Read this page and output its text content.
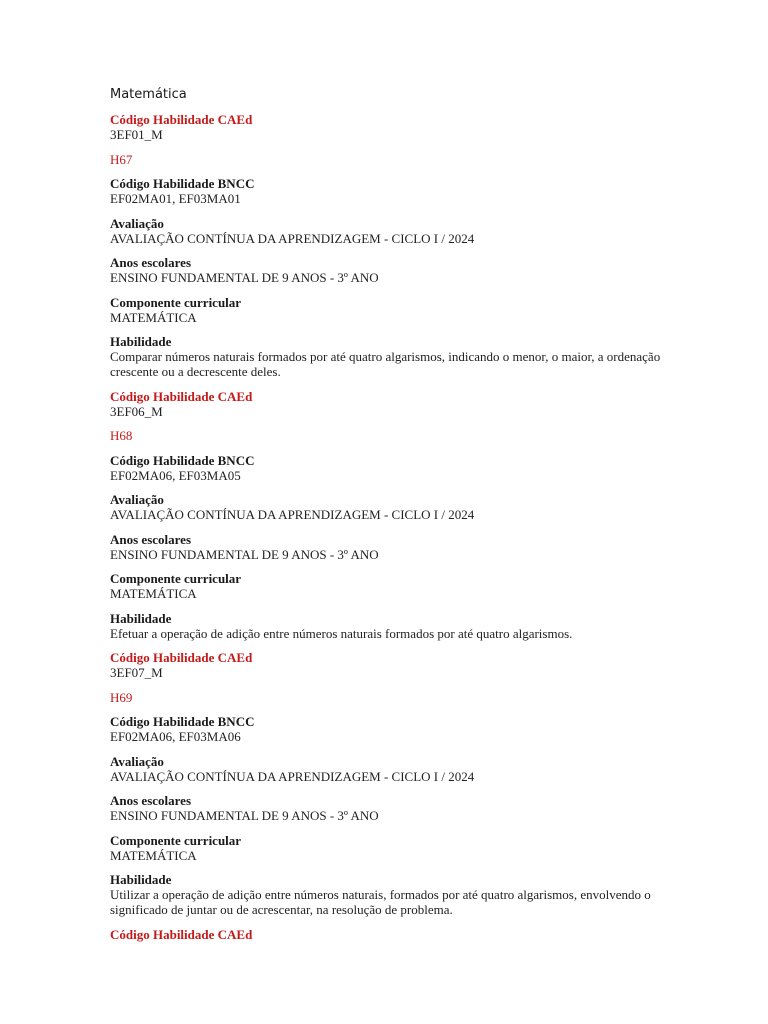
Matemática
Código Habilidade CAEd
3EF01_M
H67
Código Habilidade BNCC
EF02MA01, EF03MA01
Avaliação
AVALIAÇÃO CONTÍNUA DA APRENDIZAGEM - CICLO I / 2024
Anos escolares
ENSINO FUNDAMENTAL DE 9 ANOS - 3º ANO
Componente curricular
MATEMÁTICA
Habilidade
Comparar números naturais formados por até quatro algarismos, indicando o menor, o maior, a ordenação crescente ou a decrescente deles.
Código Habilidade CAEd
3EF06_M
H68
Código Habilidade BNCC
EF02MA06, EF03MA05
Avaliação
AVALIAÇÃO CONTÍNUA DA APRENDIZAGEM - CICLO I / 2024
Anos escolares
ENSINO FUNDAMENTAL DE 9 ANOS - 3º ANO
Componente curricular
MATEMÁTICA
Habilidade
Efetuar a operação de adição entre números naturais formados por até quatro algarismos.
Código Habilidade CAEd
3EF07_M
H69
Código Habilidade BNCC
EF02MA06, EF03MA06
Avaliação
AVALIAÇÃO CONTÍNUA DA APRENDIZAGEM - CICLO I / 2024
Anos escolares
ENSINO FUNDAMENTAL DE 9 ANOS - 3º ANO
Componente curricular
MATEMÁTICA
Habilidade
Utilizar a operação de adição entre números naturais, formados por até quatro algarismos, envolvendo o significado de juntar ou de acrescentar, na resolução de problema.
Código Habilidade CAEd
